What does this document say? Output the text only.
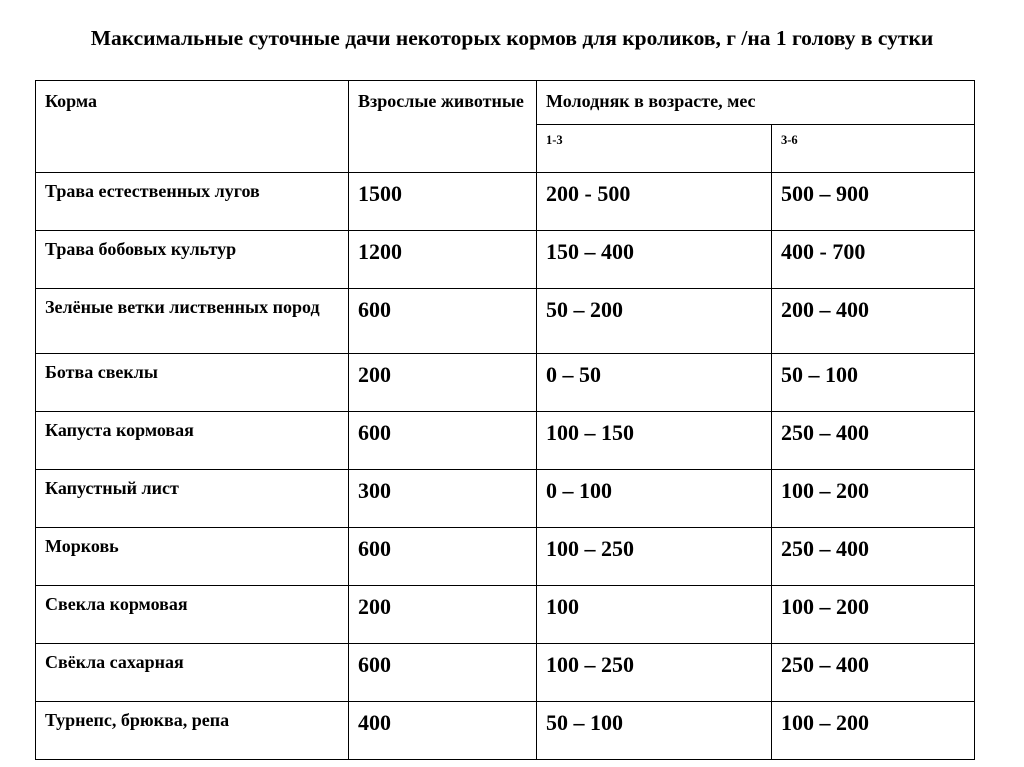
Максимальные суточные дачи некоторых кормов для кроликов, г /на 1 голову в сутки
Корма	Взрослые животные	Молодняк в возрасте, мес	
		1-3	3-6
Трава естественных лугов	1500	200 - 500	500 – 900
Трава бобовых культур	1200	150 – 400	400 - 700
Зелёные ветки лиственных пород	600	50 – 200	200 – 400
Ботва свеклы	200	0 – 50	50 – 100
Капуста кормовая	600	100 – 150	250 – 400
Капустный лист	300	0 – 100	100 – 200
Морковь	600	100 – 250	250 – 400
Свекла кормовая	200	100	100 – 200
Свёкла сахарная	600	100 – 250	250 – 400
Турнепс, брюква, репа	400	50 – 100	100 – 200
